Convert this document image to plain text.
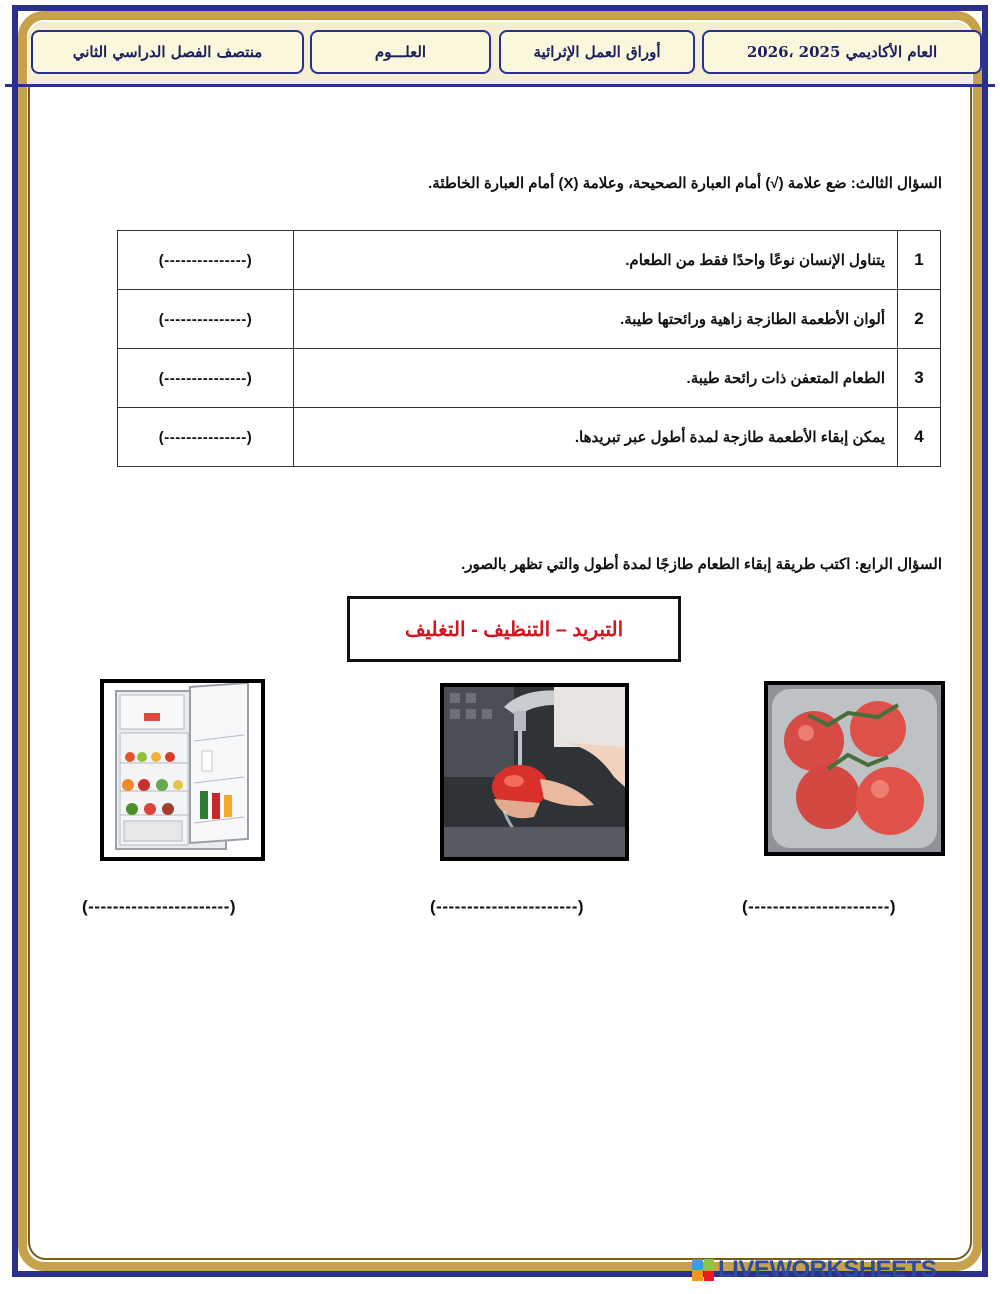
العام الأكاديمي 2025 ،2026
أوراق العمل الإثرائية
العلـــوم
منتصف الفصل الدراسي الثاني
السؤال الثالث: ضع علامة (√) أمام العبارة الصحيحة، وعلامة (X) أمام العبارة الخاطئة.
(---------------)	يتناول الإنسان نوعًا واحدًا فقط من الطعام.	1
(---------------)	ألوان الأطعمة الطازجة زاهية ورائحتها طيبة.	2
(---------------)	الطعام المتعفن ذات رائحة طيبة.	3
(---------------)	يمكن إبقاء الأطعمة طازجة لمدة أطول عبر تبريدها.	4
السؤال الرابع: اكتب طريقة إبقاء الطعام طازجًا لمدة أطول والتي تظهر بالصور.
التبريد – التنظيف - التغليف
(-----------------------)
(-----------------------)
(-----------------------)
LIVEWORKSHEETS
